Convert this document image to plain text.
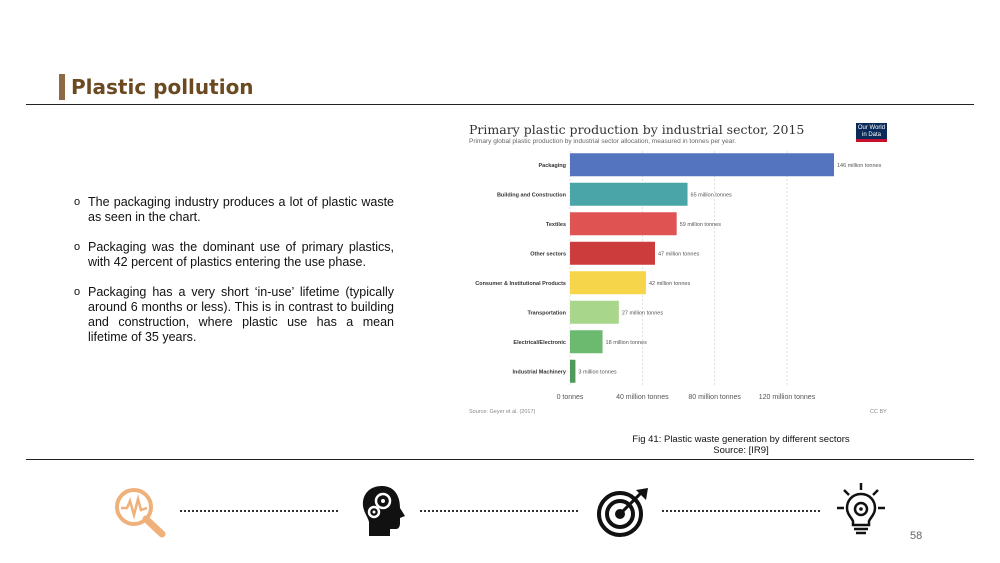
Plastic pollution
o The packaging industry produces a lot of plastic waste as seen in the chart.
o Packaging was the dominant use of primary plastics, with 42 percent of plastics entering the use phase.
o Packaging has a very short ‘in-use’ lifetime (typically around 6 months or less). This is in contrast to building and construction, where plastic use has a mean lifetime of 35 years.
Primary plastic production by industrial sector, 2015
Primary global plastic production by industrial sector allocation, measured in tonnes per year.
Our World in Data
0 tonnes	40 million tonnes	80 million tonnes	120 million tonnes
Packaging	146 million tonnes
Building and Construction	65 million tonnes
Textiles	59 million tonnes
Other sectors	47 million tonnes
Consumer & Institutional Products	42 million tonnes
Transportation	27 million tonnes
Electrical/Electronic	18 million tonnes
Industrial Machinery 3 million tonnes
Source: Geyer et al. (2017)	CC BY
Fig 41: Plastic waste generation by different sectors
Source: [IR9]
58
